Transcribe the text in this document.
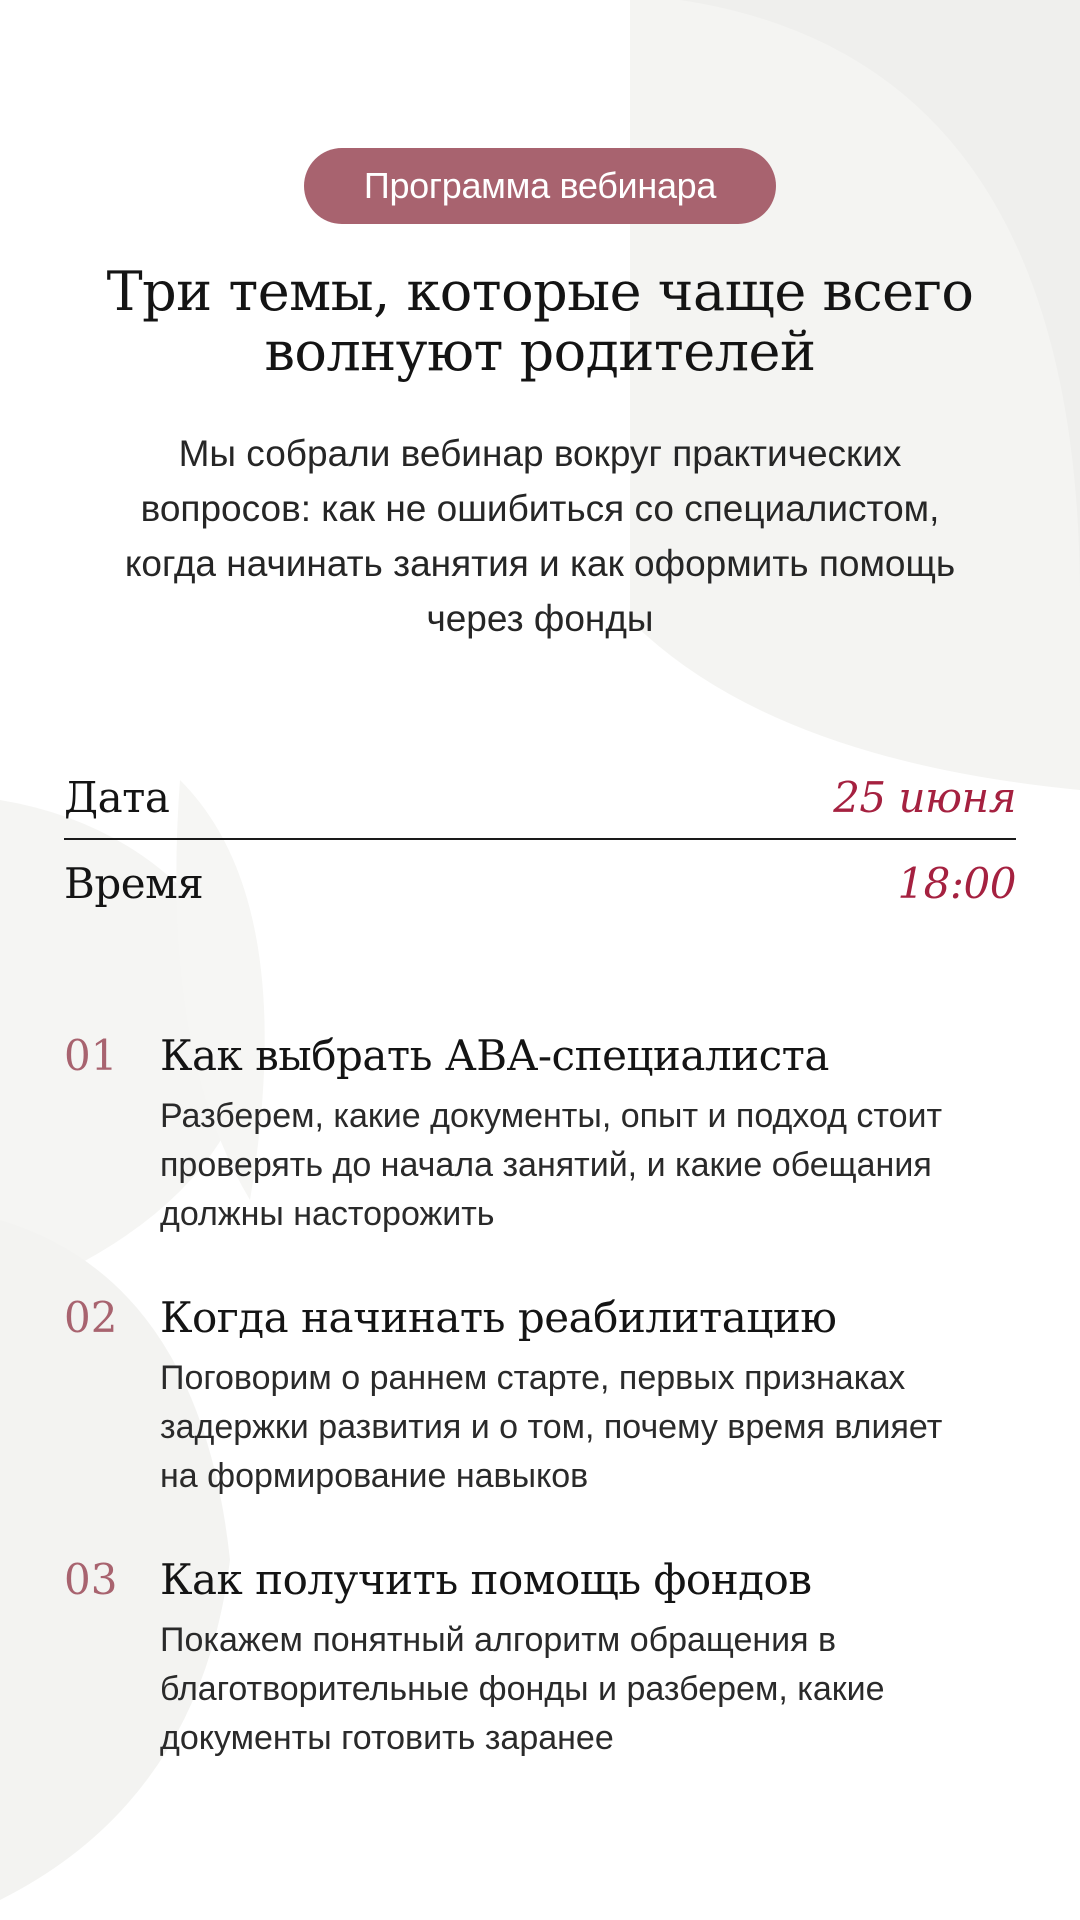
Программа вебинара
Три темы, которые чаще всего
волнуют родителей

Мы собрали вебинар вокруг практических
вопросов: как не ошибиться со специалистом,
когда начинать занятия и как оформить помощь
через фонды

Дата	25 июня
Время	18:00
01 Как выбрать АВА-специалиста

Разберем, какие документы, опыт и подход стоит
проверять до начала занятий, и какие обещания
должны насторожить

02 Когда начинать реабилитацию

Поговорим о раннем старте, первых признаках
задержки развития и о том, почему время влияет
на формирование навыков

03 Как получить помощь фондов

Покажем понятный алгоритм обращения в
благотворительные фонды и разберем, какие
документы готовить заранее
